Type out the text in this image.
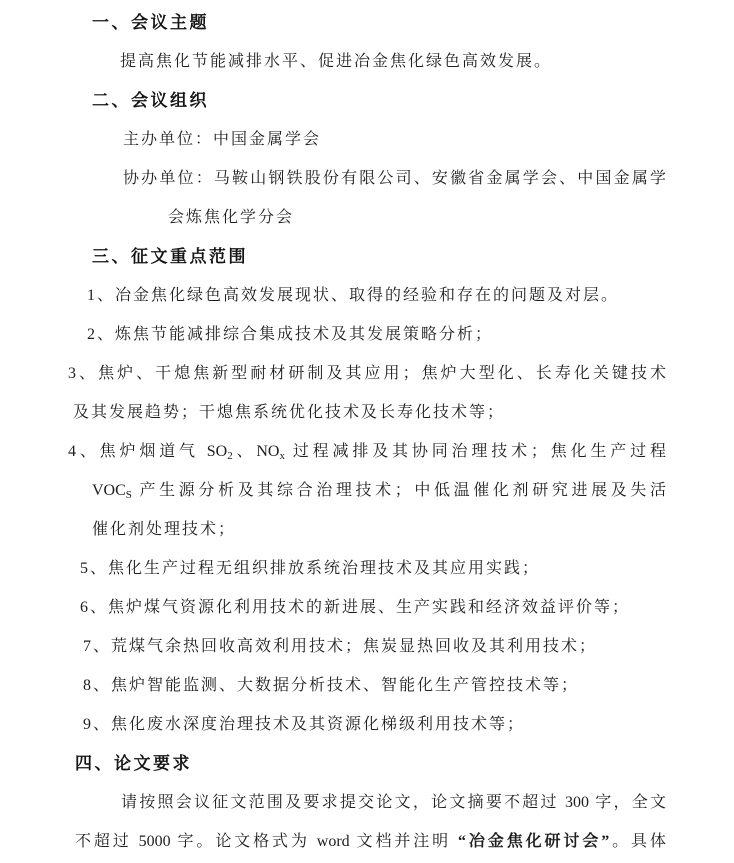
一、会议主题
提高焦化节能减排水平、促进冶金焦化绿色高效发展。
二、会议组织
主办单位：中国金属学会
协办单位：马鞍山钢铁股份有限公司、安徽省金属学会、中国金属学
会炼焦化学分会
三、征文重点范围
1、冶金焦化绿色高效发展现状、取得的经验和存在的问题及对层。
2、炼焦节能减排综合集成技术及其发展策略分析；
3、焦炉、干熄焦新型耐材研制及其应用；焦炉大型化、长寿化关键技术
及其发展趋势；干熄焦系统优化技术及长寿化技术等；
4、焦炉烟道气 $SO_2$、$NO_x$ 过程减排及其协同治理技术；焦化生产过程
$VOC_S$ 产生源分析及其综合治理技术；中低温催化剂研究进展及失活
催化剂处理技术；
5、焦化生产过程无组织排放系统治理技术及其应用实践；
6、焦炉煤气资源化利用技术的新进展、生产实践和经济效益评价等；
7、荒煤气余热回收高效利用技术；焦炭显热回收及其利用技术；
8、焦炉智能监测、大数据分析技术、智能化生产管控技术等；
9、焦化废水深度治理技术及其资源化梯级利用技术等；
四、论文要求
请按照会议征文范围及要求提交论文，论文摘要不超过 300 字，全文
不超过 5000 字。论文格式为 word 文档并注明 “冶金焦化研讨会”。具体
